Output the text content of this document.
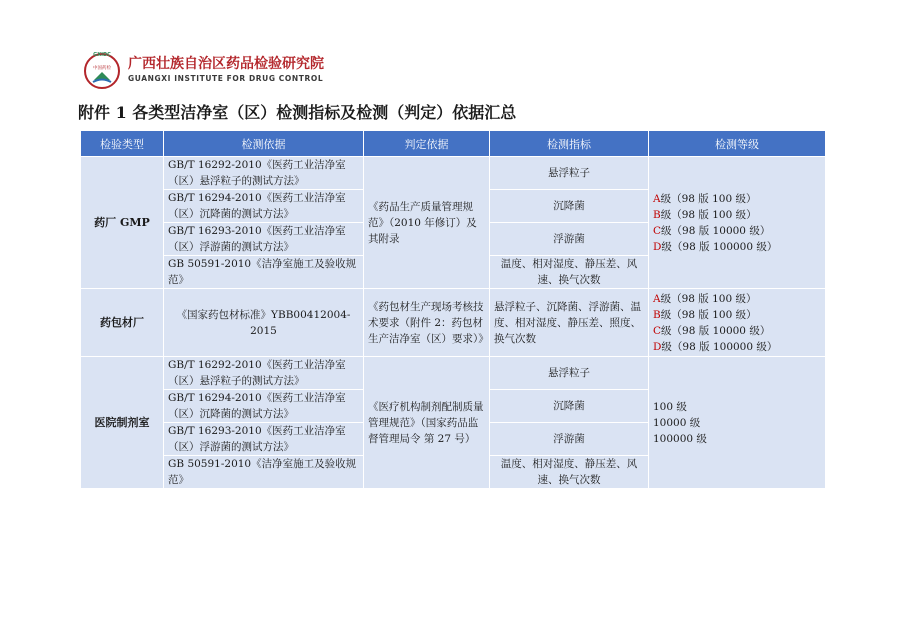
GXIDC
中国药检 广西壮族自治区药品检验研究院
GUANGXI INSTITUTE FOR DRUG CONTROL
附件 1 各类型洁净室（区）检测指标及检测（判定）依据汇总
检验类型	检测依据	判定依据	检测指标	检测等级
药厂 GMP	GB/T 16292-2010《医药工业洁净室（区）悬浮粒子的测试方法》	《药品生产质量管理规范》（2010 年修订）及其附录	悬浮粒子	A级（98 版 100 级）
B级（98 版 100 级）
C级（98 版 10000 级）
D级（98 版 100000 级）

	GB/T 16294-2010《医药工业洁净室（区）沉降菌的测试方法》		沉降菌	
	GB/T 16293-2010《医药工业洁净室（区）浮游菌的测试方法》		浮游菌	
	GB 50591-2010《洁净室施工及验收规范》		温度、相对湿度、静压差、风速、换气次数	
药包材厂	《国家药包材标准》YBB00412004-2015	《药包材生产现场考核技术要求（附件 2：药包材生产洁净室（区）要求）》	悬浮粒子、沉降菌、浮游菌、温度、相对湿度、静压差、照度、换气次数	A级（98 版 100 级）
B级（98 版 100 级）
C级（98 版 10000 级）
D级（98 版 100000 级）

医院制剂室	GB/T 16292-2010《医药工业洁净室（区）悬浮粒子的测试方法》	《医疗机构制剂配制质量管理规范》（国家药品监督管理局令 第 27 号）	悬浮粒子	100 级
10000 级
100000 级

	GB/T 16294-2010《医药工业洁净室（区）沉降菌的测试方法》		沉降菌	
	GB/T 16293-2010《医药工业洁净室（区）浮游菌的测试方法》		浮游菌	
	GB 50591-2010《洁净室施工及验收规范》		温度、相对湿度、静压差、风速、换气次数	
